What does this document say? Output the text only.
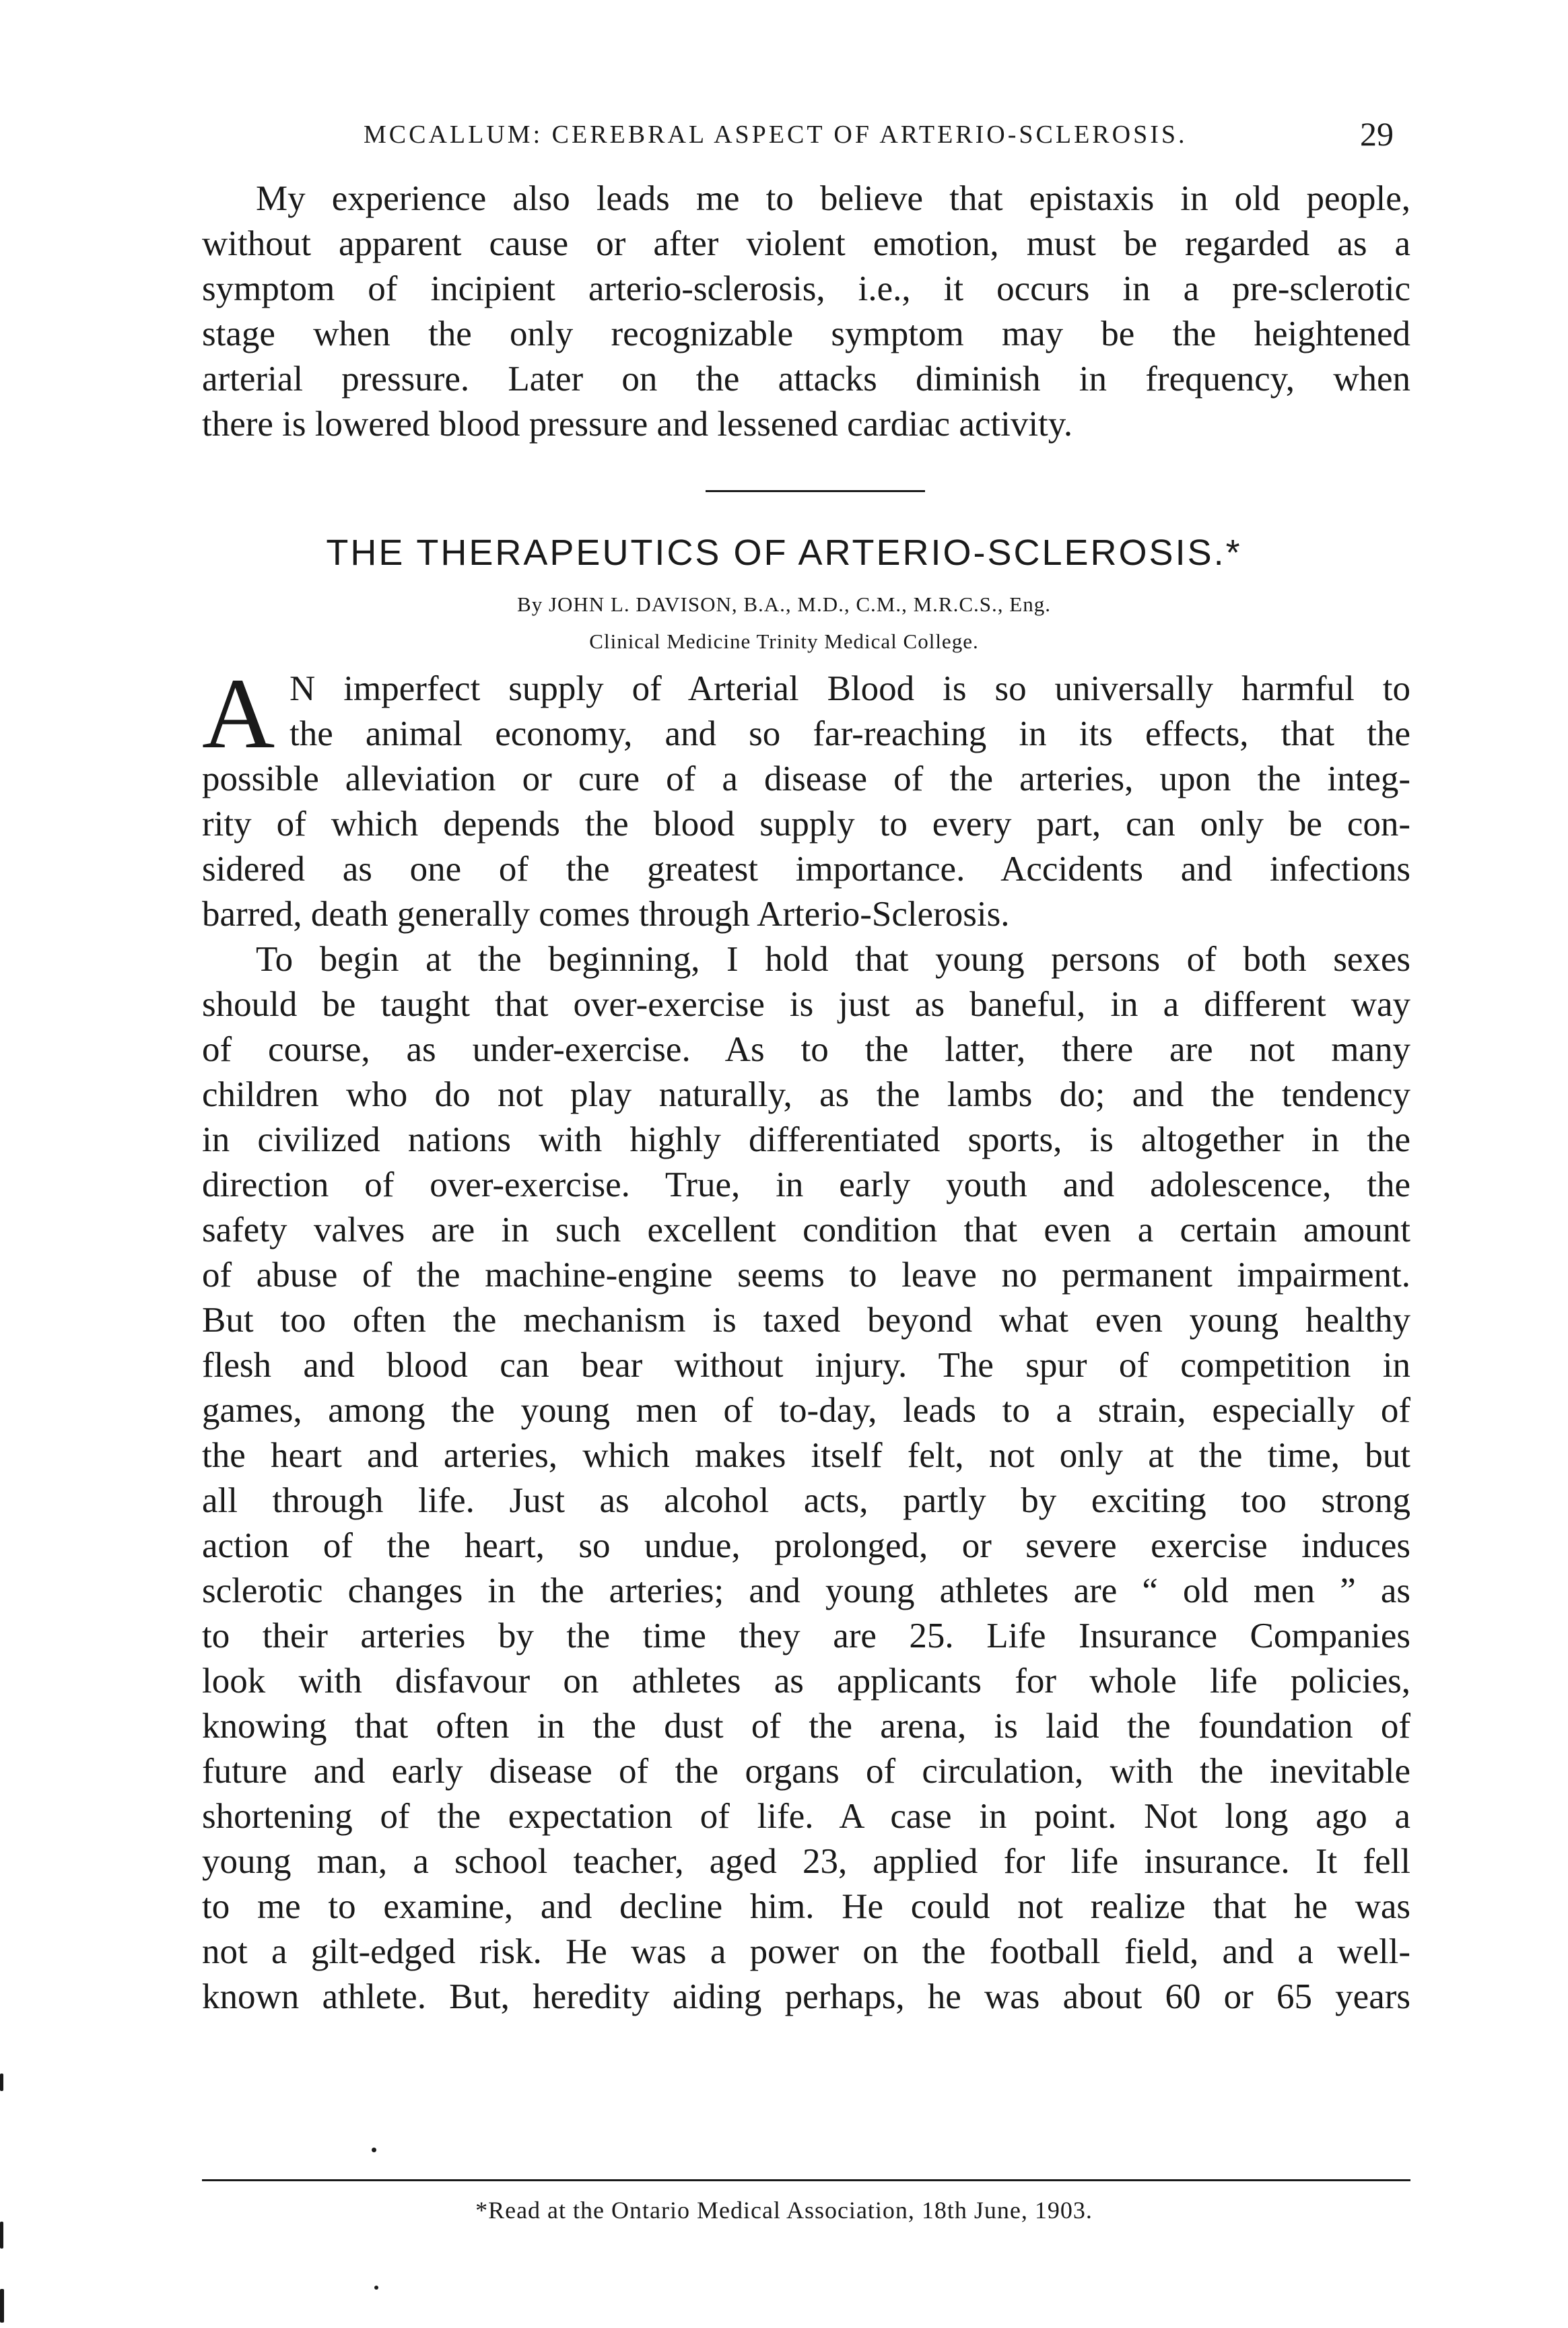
MCCALLUM: CEREBRAL ASPECT OF ARTERIO-SCLEROSIS.	29
My experience also leads me to believe that epistaxis in old people,
without apparent cause or after violent emotion, must be regarded as a
symptom of incipient arterio-sclerosis, i.e., it occurs in a pre-sclerotic
stage when the only recognizable symptom may be the heightened
arterial pressure. Later on the attacks diminish in frequency, when
there is lowered blood pressure and lessened cardiac activity.
THE THERAPEUTICS OF ARTERIO-SCLEROSIS.*
By JOHN L. DAVISON, B.A., M.D., C.M., M.R.C.S., Eng.
Clinical Medicine Trinity Medical College.
A N imperfect supply of Arterial Blood is so universally harmful to
the animal economy, and so far-reaching in its effects, that the
possible alleviation or cure of a disease of the arteries, upon the integ-
rity of which depends the blood supply to every part, can only be con-
sidered as one of the greatest importance. Accidents and infections
barred, death generally comes through Arterio-Sclerosis.
To begin at the beginning, I hold that young persons of both sexes
should be taught that over-exercise is just as baneful, in a different way
of course, as under-exercise. As to the latter, there are not many
children who do not play naturally, as the lambs do; and the tendency
in civilized nations with highly differentiated sports, is altogether in the
direction of over-exercise. True, in early youth and adolescence, the
safety valves are in such excellent condition that even a certain amount
of abuse of the machine-engine seems to leave no permanent impairment.
But too often the mechanism is taxed beyond what even young healthy
flesh and blood can bear without injury. The spur of competition in
games, among the young men of to-day, leads to a strain, especially of
the heart and arteries, which makes itself felt, not only at the time, but
all through life. Just as alcohol acts, partly by exciting too strong
action of the heart, so undue, prolonged, or severe exercise induces
sclerotic changes in the arteries; and young athletes are “ old men ” as
to their arteries by the time they are 25. Life Insurance Companies
look with disfavour on athletes as applicants for whole life policies,
knowing that often in the dust of the arena, is laid the foundation of
future and early disease of the organs of circulation, with the inevitable
shortening of the expectation of life. A case in point. Not long ago a
young man, a school teacher, aged 23, applied for life insurance. It fell
to me to examine, and decline him. He could not realize that he was
not a gilt-edged risk. He was a power on the football field, and a well-
known athlete. But, heredity aiding perhaps, he was about 60 or 65 years
*Read at the Ontario Medical Association, 18th June, 1903.
